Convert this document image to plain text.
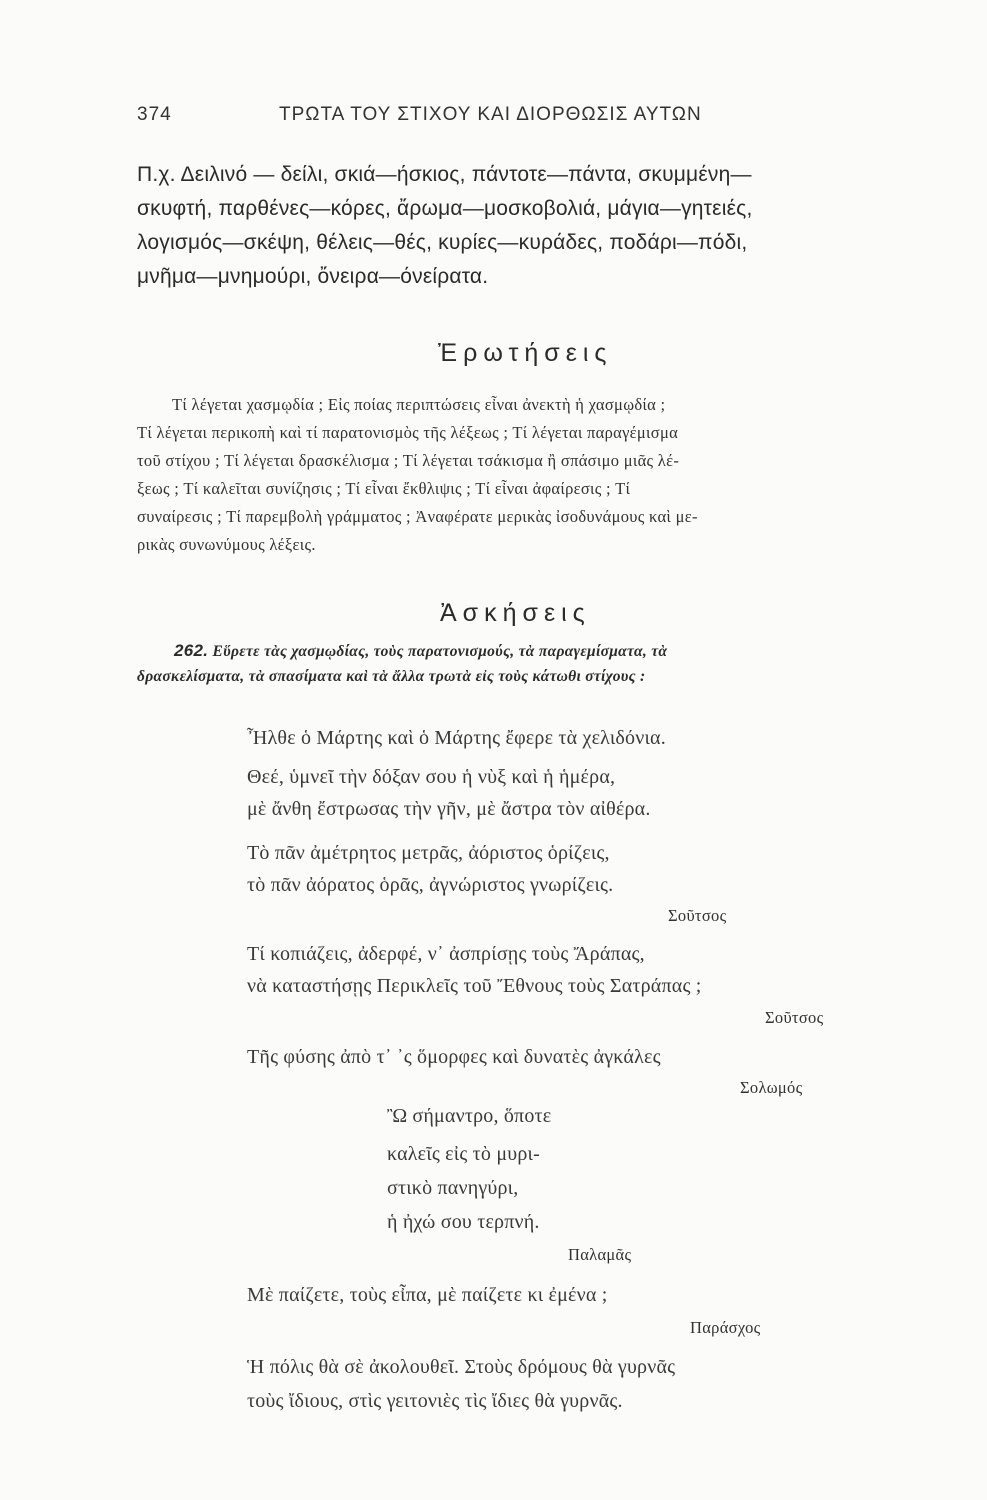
374	ΤΡΩΤΑ ΤΟΥ ΣΤΙΧΟΥ ΚΑΙ ΔΙΟΡΘΩΣΙΣ ΑΥΤΩΝ
Π.χ. Δειλινό — δείλι, σκιά—ήσκιος, πάντοτε—πάντα, σκυμμένη—
σκυφτή, παρθένες—κόρες, ἄρωμα—μοσκοβολιά, μάγια—γητειές,
λογισμός—σκέψη, θέλεις—θές, κυρίες—κυράδες, ποδάρι—πόδι,
μνῆμα—μνημούρι, ὄνειρα—όνείρατα.
Ἐρωτήσεις
Τί λέγεται χασμῳδία ; Εἰς ποίας περιπτώσεις εἶναι ἀνεκτὴ ἡ χασμῳδία ;
Τί λέγεται περικοπὴ καὶ τί παρατονισμὸς τῆς λέξεως ; Τί λέγεται παραγέμισμα
τοῦ στίχου ; Τί λέγεται δρασκέλισμα ; Τί λέγεται τσάκισμα ἢ σπάσιμο μιᾶς λέ-
ξεως ; Τί καλεῖται συνίζησις ; Τί εἶναι ἔκθλιψις ; Τί εἶναι ἀφαίρεσις ; Τί
συναίρεσις ; Τί παρεμβολὴ γράμματος ; Ἀναφέρατε μερικὰς ἰσοδυνάμους καὶ με-
ρικὰς συνωνύμους λέξεις.
Ἀσκήσεις
262. Εὕρετε τὰς χασμῳδίας, τοὺς παρατονισμούς, τὰ παραγεμίσματα, τὰ
δρασκελίσματα, τὰ σπασίματα καὶ τὰ ἄλλα τρωτὰ εἰς τοὺς κάτωθι στίχους :
Ἦλθε ὁ Μάρτης καὶ ὁ Μάρτης ἔφερε τὰ χελιδόνια.
Θεέ, ὑμνεῖ τὴν δόξαν σου ἡ νὺξ καὶ ἡ ἡμέρα,
μὲ ἄνθη ἔστρωσας τὴν γῆν, μὲ ἄστρα τὸν αἰθέρα.
Τὸ πᾶν ἀμέτρητος μετρᾶς, ἀόριστος ὁρίζεις,
τὸ πᾶν ἀόρατος ὁρᾶς, ἀγνώριστος γνωρίζεις.
Σοῦτσος
Τί κοπιάζεις, ἀδερφέ, ν᾽ ἀσπρίσῃς τοὺς Ἄράπας,
νὰ καταστήσῃς Περικλεῖς τοῦ Ἔθνους τοὺς Σατράπας ;
Σοῦτσος
Τῆς φύσης ἀπὸ τ᾽ ᾽ς ὅμορφες καὶ δυνατὲς ἀγκάλες
Σολωμός
Ὢ σήμαντρο, ὅποτε
καλεῖς εἰς τὸ μυρι-
στικὸ πανηγύρι,
ἡ ἠχώ σου τερπνή.
Παλαμᾶς
Μὲ παίζετε, τοὺς εἶπα, μὲ παίζετε κι ἐμένα ;
Παράσχος
Ἡ πόλις θὰ σὲ ἀκολουθεῖ. Στοὺς δρόμους θὰ γυρνᾶς
τοὺς ἴδιους, στὶς γειτονιὲς τὶς ἴδιες θὰ γυρνᾶς.
